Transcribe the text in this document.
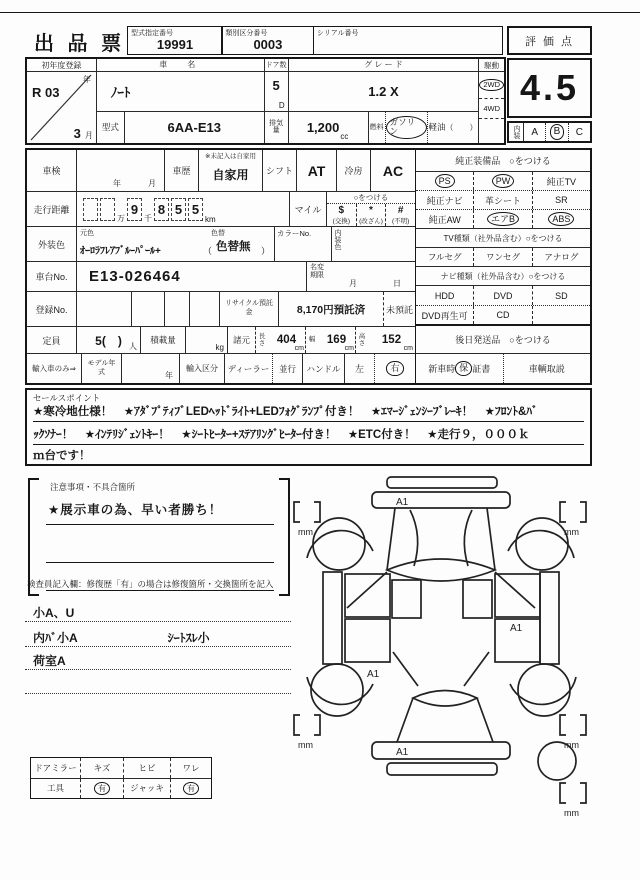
出 品 票 型式指定番号
19991
類別区分番号
0003
シリアル番号
評 価 点
4.5
内装	A	B	C
初年度登録
R 03
年
3 月
車　名
ﾉｰﾄ
型式	6AA-E13
ドア数
5
D
排気量
グ レ ー ド
1.2 X
1,200
cc
燃料
ガソリン	軽油 （　　）
駆動
2WD
4WD
車検
年	月
車歴
※未記入は自家用
自家用	シフト	AT	冷房	AC
走行距離
万
9
千
8 5 5
km
マイル
○をつける
$
(交換)
*
(改ざん)
#
(不明)
外装色
元色
ｵｰﾛﾗﾌﾚｱﾌﾞﾙｰﾊﾟｰﾙ+
色替
（ 色替無 ）
カラーNo.	内装色
車台No.	E13-026464
名変期限
月	日
登録No.
リサイクル預託金	8,170円預託済	未預託
定員	5(　) 人
積載量
kg
諸元	長さ	404
cm
幅	169
cm
高さ	152
cm
輸入車のみ⇒
モデル年式	年
輸入区分	ディーラー	並行	ハンドル	左	右
純正装備品　○をつける
PS	PW	純正TV
純正ナビ 革シート	SR
純正AW	エアB	ABS
TV種類（社外品含む）○をつける
フルセグ	ワンセグ	アナログ
ナビ種類（社外品含む）○をつける
HDD	DVD	SD
DVD再生可	CD
後日発送品　○をつける
新車時 保 証書	車輌取説
セールスポイント
★寒冷地仕様！　★ｱﾀﾞﾌﾟﾃｨﾌﾞLEDﾍｯﾄﾞﾗｲﾄ+LEDﾌｫｸﾞﾗﾝﾌﾟ付き！　★ｴﾏｰｼﾞｪﾝｼｰﾌﾞﾚｰｷ！　★ﾌﾛﾝﾄ&ﾊﾞ
ｯｸｿﾅｰ！　★ｲﾝﾃﾘｼﾞｪﾝﾄｷｰ！　★ｼｰﾄﾋｰﾀｰ+ｽﾃｱﾘﾝｸﾞﾋｰﾀｰ付き！　★ETC付き！　★走行９，０００ｋ
ｍ台です！
注意事項・不具合箇所
★展示車の為、早い者勝ち！
検査員記入欄：修復歴「有」の場合は修復箇所・交換箇所を記入
小A、U
内ﾊﾞ小A	ｼｰﾄｽﾚ小
荷室A
ドアミラー	キズ	ヒビ	ワレ
工具	有	ジャッキ	有
A1
A1
A1
A1
mm	mm
mm	mm
mm
